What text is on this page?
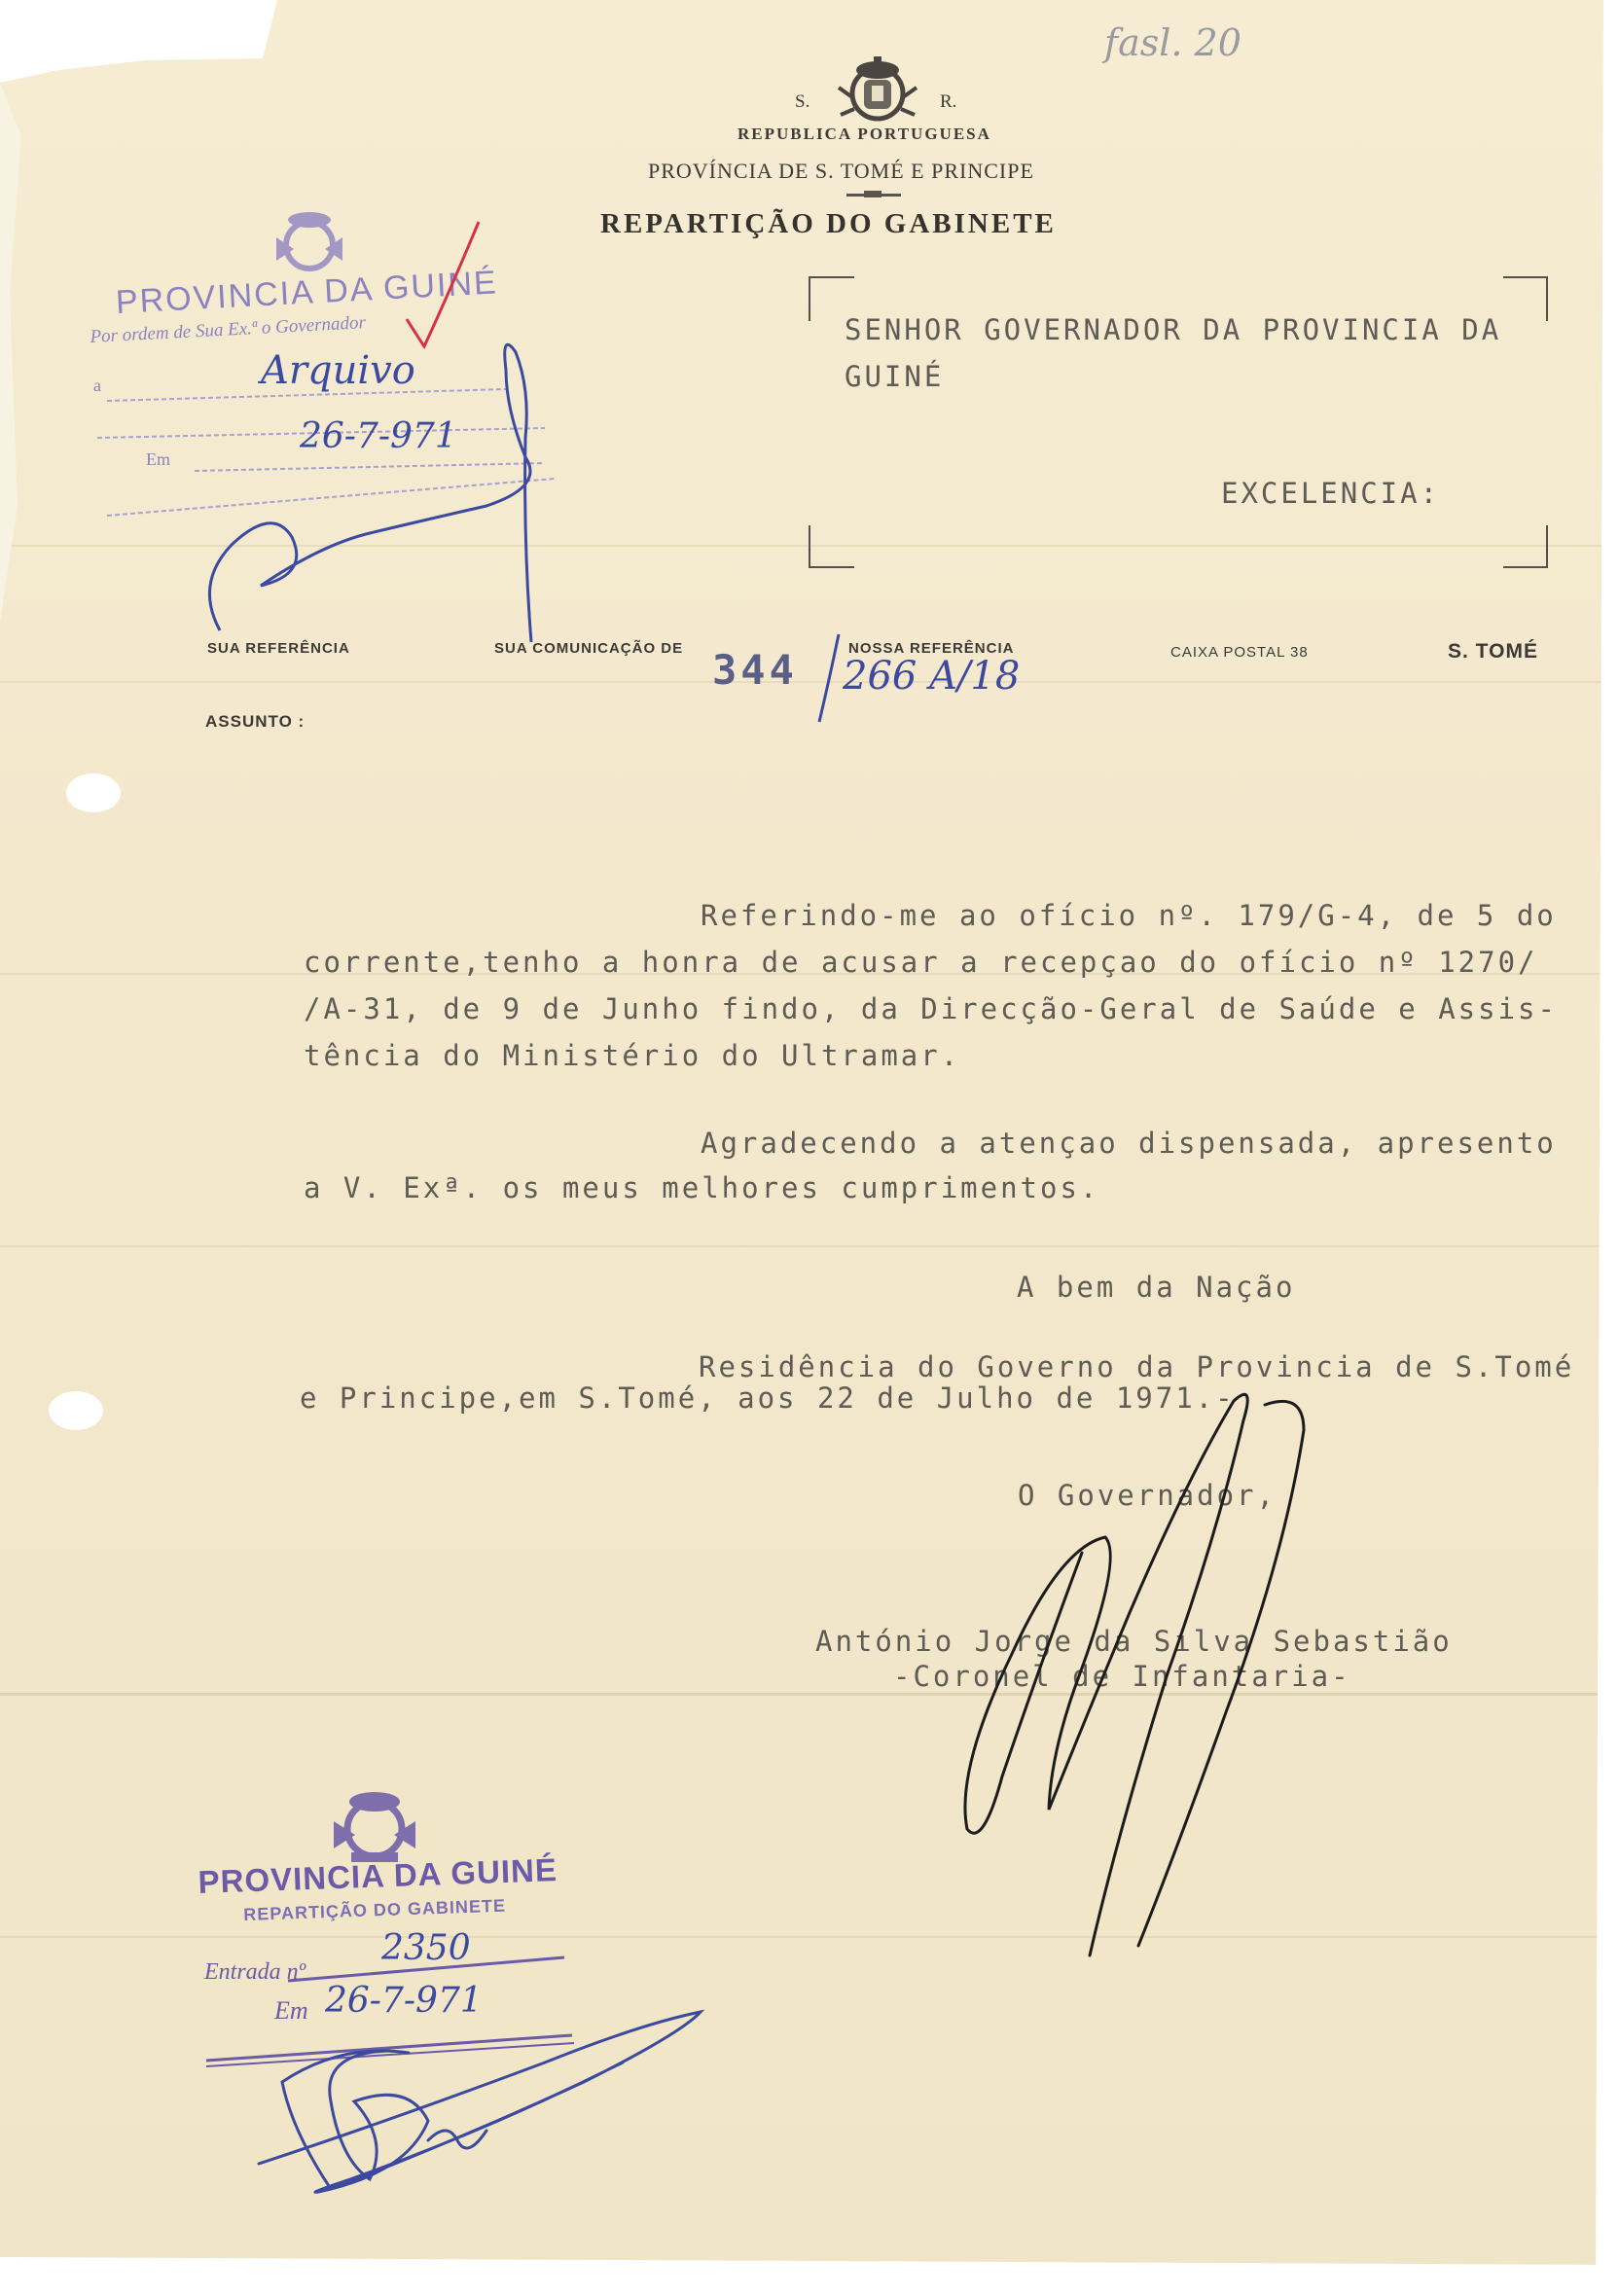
fasl. 20
S.	R.
REPUBLICA PORTUGUESA
PROVÍNCIA DE S. TOMÉ E PRINCIPE
REPARTIÇÃO DO GABINETE
SENHOR GOVERNADOR DA PROVINCIA DA
GUINÉ
EXCELENCIA:
PROVINCIA DA GUINÉ
Por ordem de Sua Ex.ª o Governador
a
Em
Arquivo
26-7-971
SUA REFERÊNCIA	SUA COMUNICAÇÃO DE 344	NOSSA REFERÊNCIA
266 A/18
CAIXA POSTAL 38	S. TOMÉ
ASSUNTO :
Referindo-me ao ofício nº. 179/G-4, de 5 do
corrente,tenho a honra de acusar a recepçao do ofício nº 1270/
/A-31, de 9 de Junho findo, da Direcção-Geral de Saúde e Assis-
tência do Ministério do Ultramar.
Agradecendo a atençao dispensada, apresento
a V. Exª. os meus melhores cumprimentos.
A bem da Nação
Residência do Governo da Provincia de S.Tomé
e Principe,em S.Tomé, aos 22 de Julho de 1971.-
O Governador,
António Jorge da Silva Sebastião
-Coronel de Infantaria-
PROVINCIA DA GUINÉ
REPARTIÇÃO DO GABINETE
Entrada nº
2350
Em 26-7-971
